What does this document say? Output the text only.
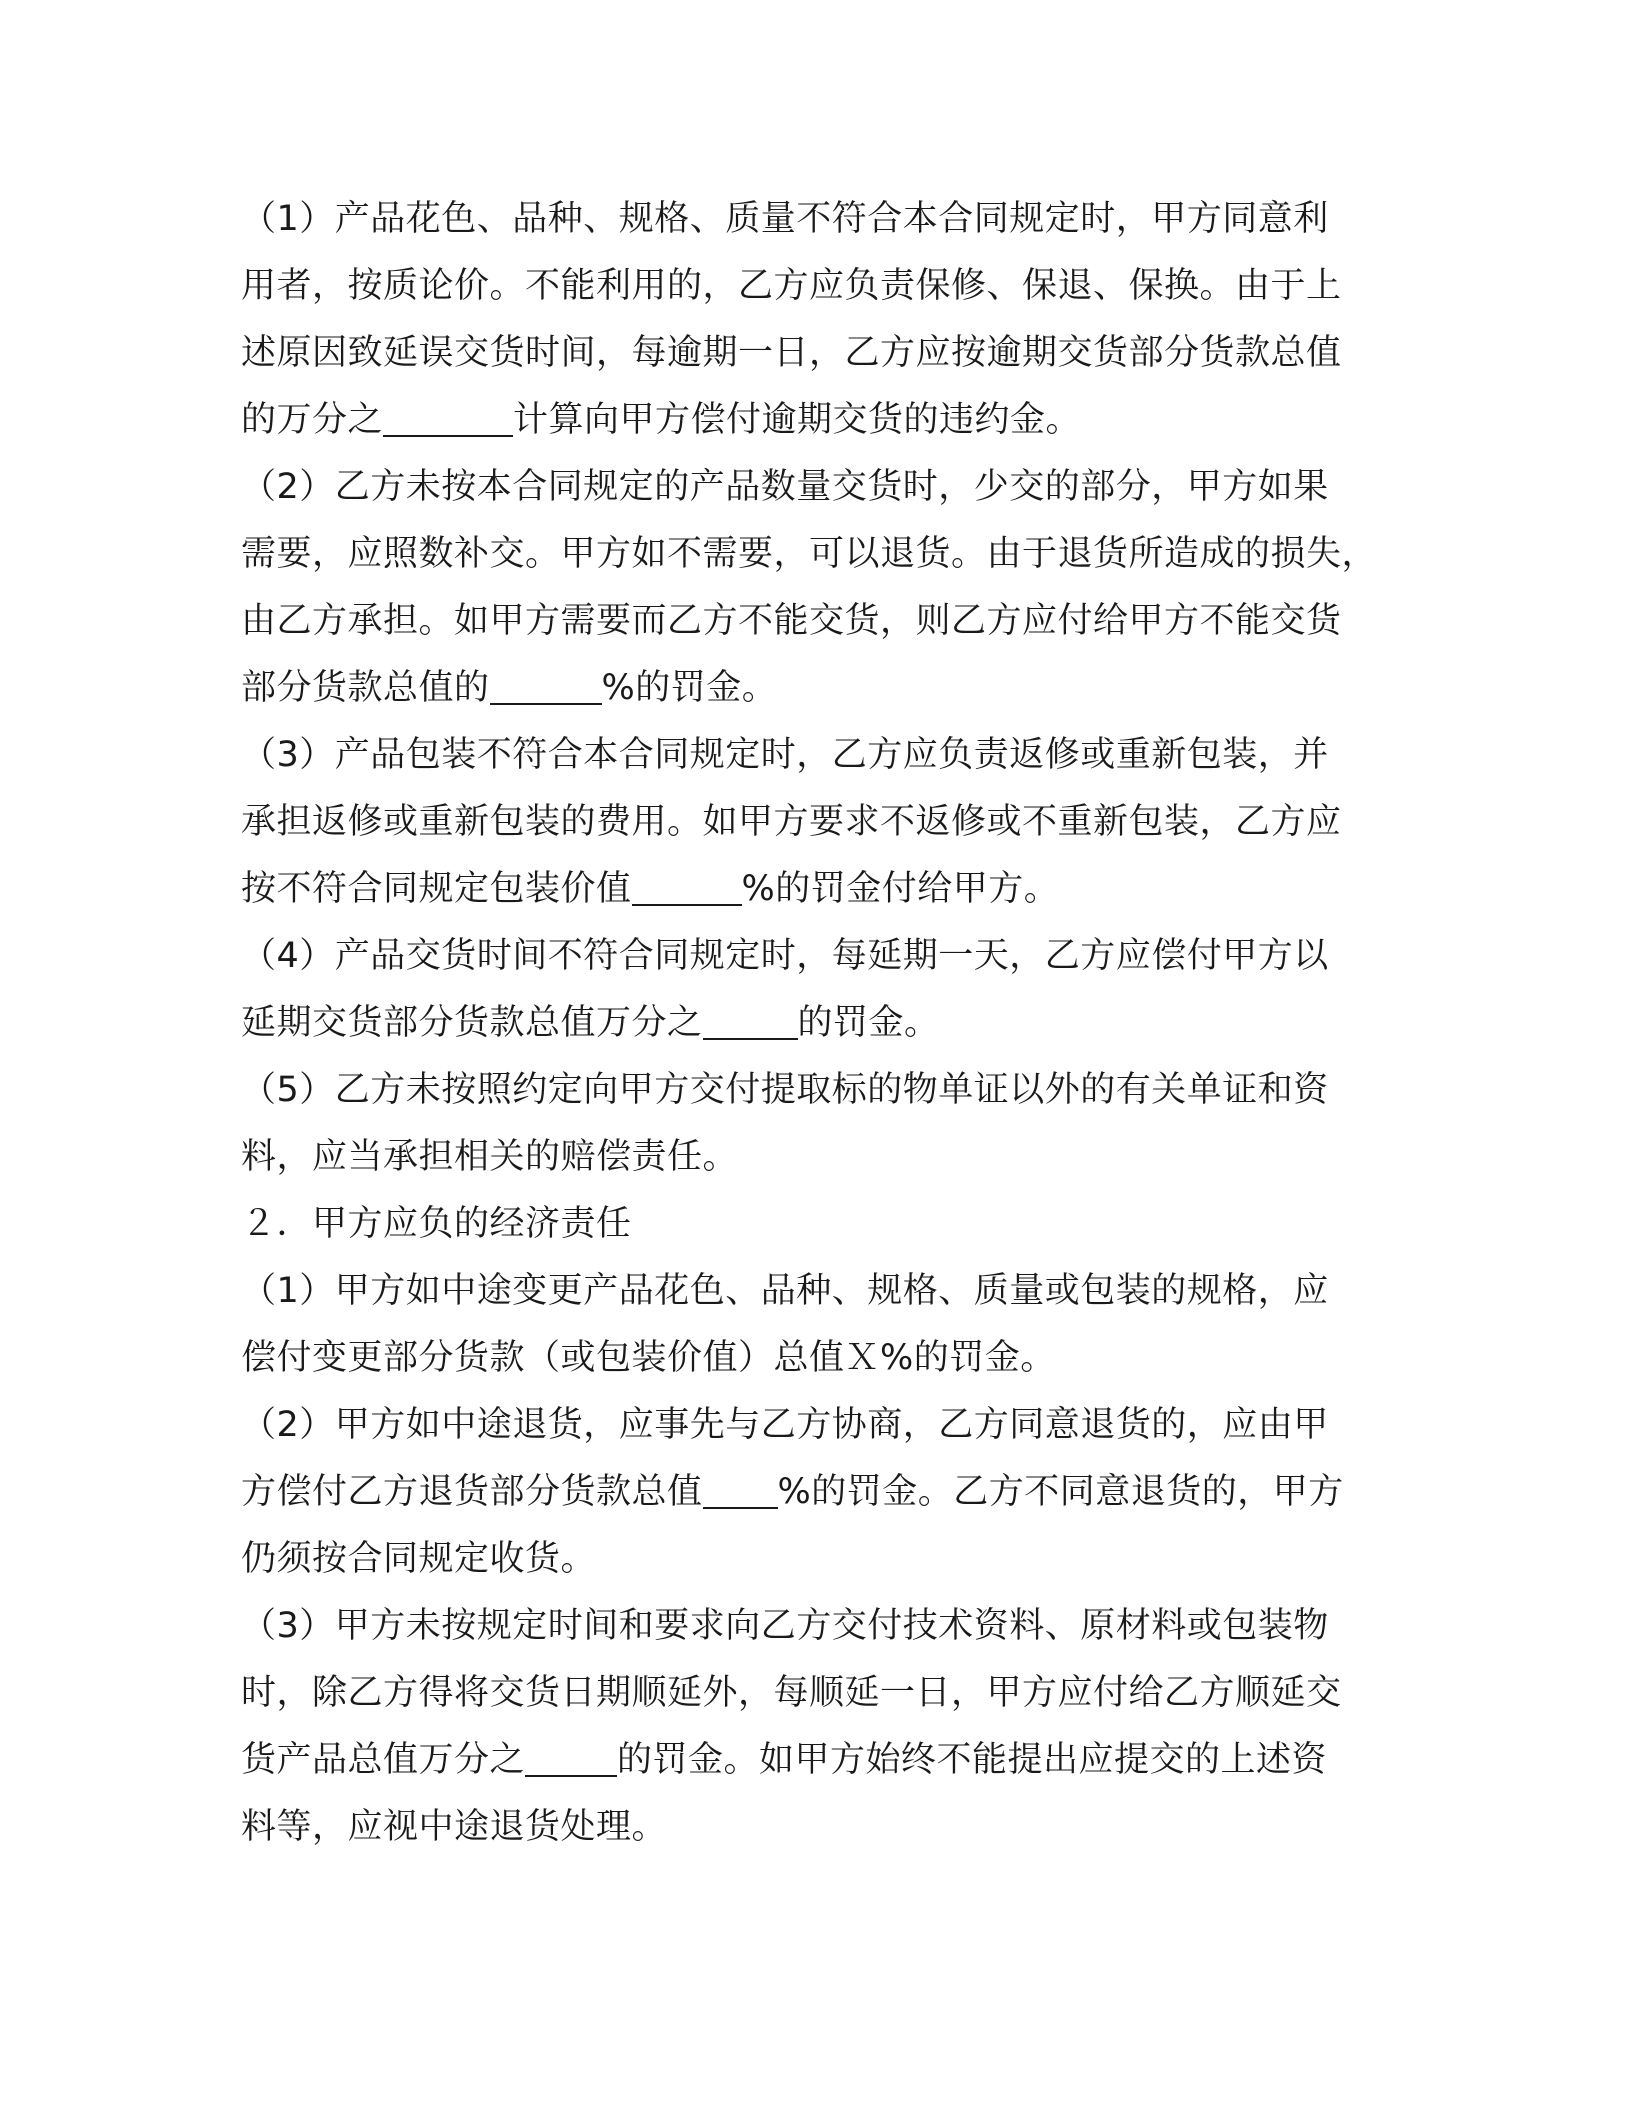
（1）产品花色、品种、规格、质量不符合本合同规定时，甲方同意利
用者，按质论价。不能利用的，乙方应负责保修、保退、保换。由于上
述原因致延误交货时间，每逾期一日，乙方应按逾期交货部分货款总值
的万分之	计算向甲方偿付逾期交货的违约金。
（2）乙方未按本合同规定的产品数量交货时，少交的部分，甲方如果
需要，应照数补交。甲方如不需要，可以退货。由于退货所造成的损失，
由乙方承担。如甲方需要而乙方不能交货，则乙方应付给甲方不能交货
部分货款总值的	%的罚金。
（3）产品包装不符合本合同规定时，乙方应负责返修或重新包装，并
承担返修或重新包装的费用。如甲方要求不返修或不重新包装，乙方应
按不符合同规定包装价值	%的罚金付给甲方。
（4）产品交货时间不符合同规定时，每延期一天，乙方应偿付甲方以
延期交货部分货款总值万分之	的罚金。
（5）乙方未按照约定向甲方交付提取标的物单证以外的有关单证和资
料，应当承担相关的赔偿责任。
２．甲方应负的经济责任
（1）甲方如中途变更产品花色、品种、规格、质量或包装的规格，应
偿付变更部分货款（或包装价值）总值Ｘ%的罚金。
（2）甲方如中途退货，应事先与乙方协商，乙方同意退货的，应由甲
方偿付乙方退货部分货款总值 %的罚金。乙方不同意退货的，甲方
仍须按合同规定收货。
（3）甲方未按规定时间和要求向乙方交付技术资料、原材料或包装物
时，除乙方得将交货日期顺延外，每顺延一日，甲方应付给乙方顺延交
货产品总值万分之	的罚金。如甲方始终不能提出应提交的上述资
料等，应视中途退货处理。
